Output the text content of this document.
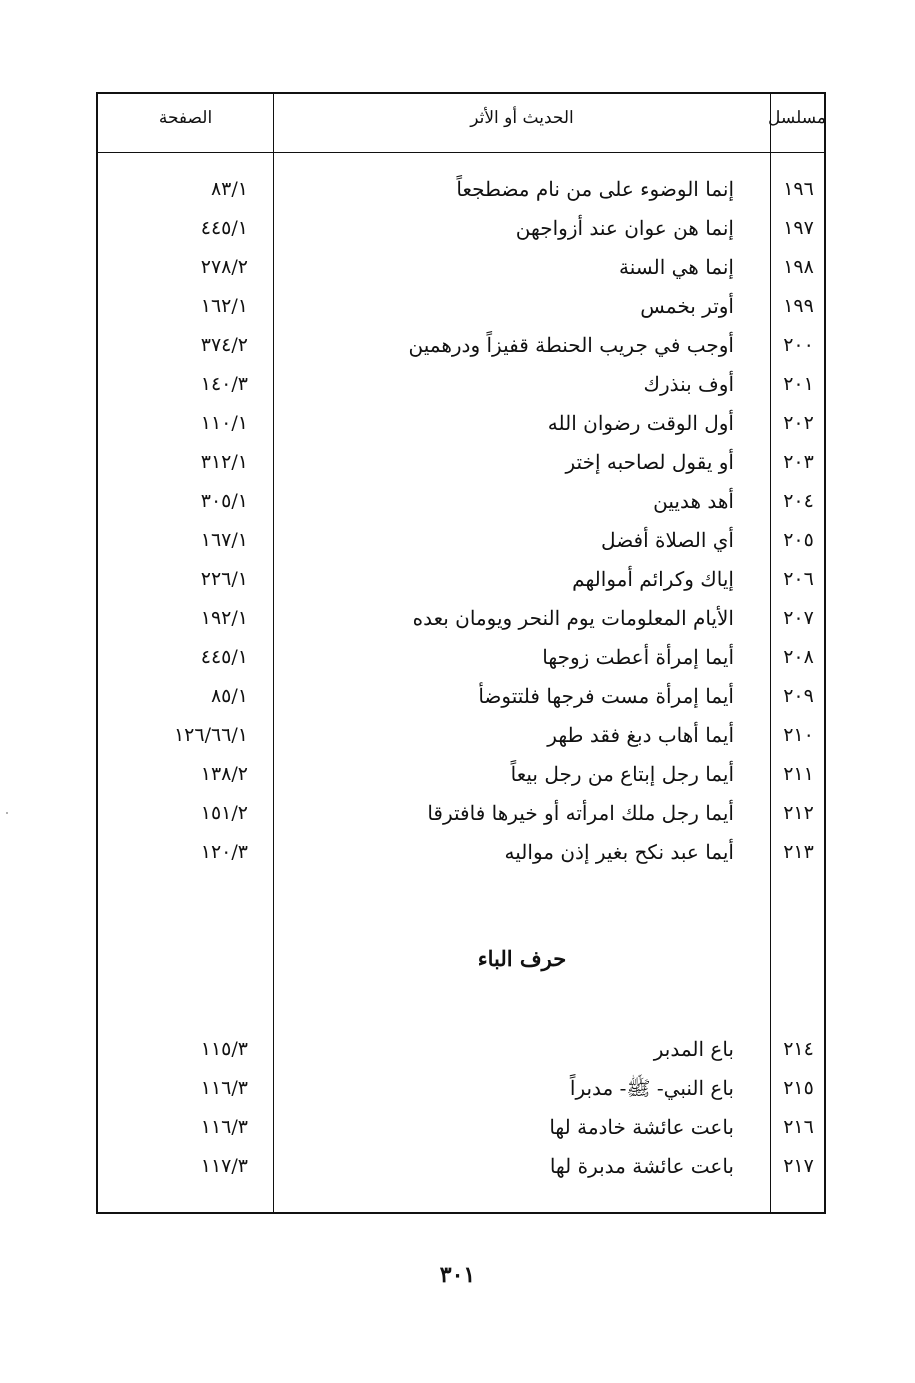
الصفحة	الحديث أو الأثر	مسلسل
١٩٦
إنما الوضوء على من نام مضطجعاً
٨٣/١
١٩٧
إنما هن عوان عند أزواجهن
٤٤٥/١
١٩٨
إنما هي السنة
٢٧٨/٢
١٩٩
أوتر بخمس
١٦٢/١
٢٠٠
أوجب في جريب الحنطة قفيزاً ودرهمين
٣٧٤/٢
٢٠١
أوف بنذرك
١٤٠/٣
٢٠٢
أول الوقت رضوان الله
١١٠/١
٢٠٣
أو يقول لصاحبه إختر
٣١٢/١
٢٠٤
أهد هديين
٣٠٥/١
٢٠٥
أي الصلاة أفضل
١٦٧/١
٢٠٦
إياك وكرائم أموالهم
٢٢٦/١
٢٠٧
الأيام المعلومات يوم النحر ويومان بعده
١٩٢/١
٢٠٨
أيما إمرأة أعطت زوجها
٤٤٥/١
٢٠٩
أيما إمرأة مست فرجها فلتتوضأ
٨٥/١
٢١٠
أيما أهاب دبغ فقد طهر
١٢٦/٦٦/١
٢١١
أيما رجل إبتاع من رجل بيعاً
١٣٨/٢
٢١٢
أيما رجل ملك امرأته أو خيرها فافترقا
١٥١/٢
٢١٣
أيما عبد نكح بغير إذن مواليه
١٢٠/٣
حرف الباء
٢١٤
باع المدبر
١١٥/٣
٢١٥
باع النبي- ﷺ- مدبراً
١١٦/٣
٢١٦
باعت عائشة خادمة لها
١١٦/٣
٢١٧
باعت عائشة مدبرة لها
١١٧/٣
٣٠١
